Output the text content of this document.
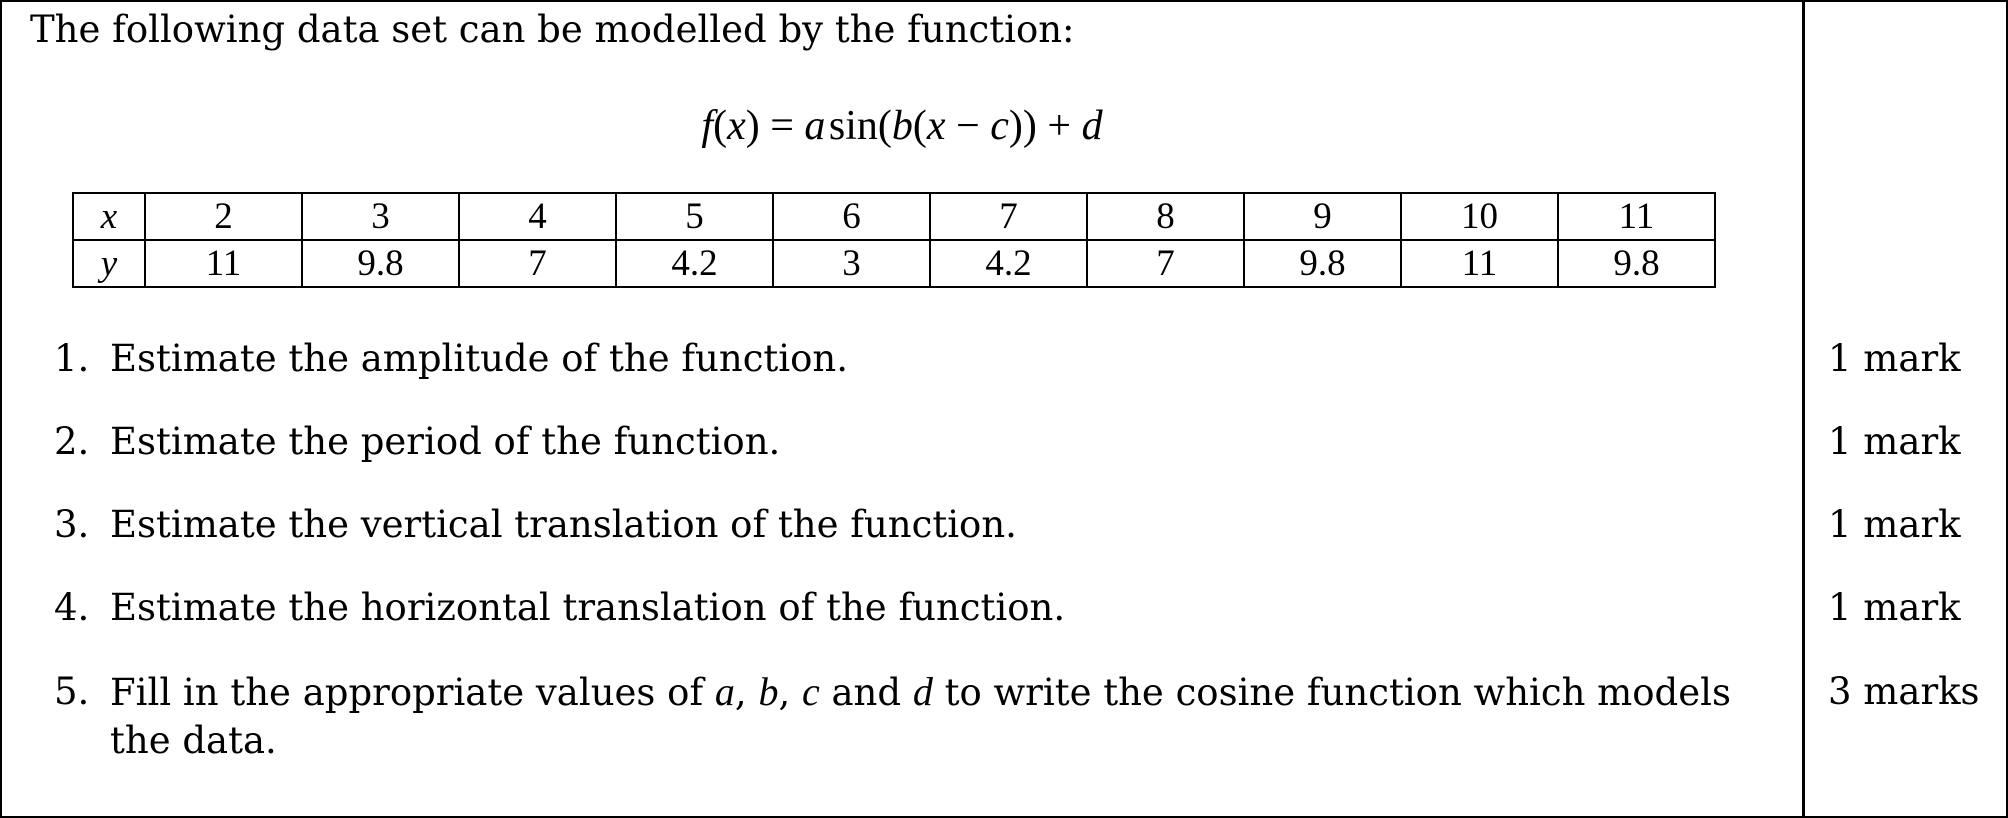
The following data set can be modelled by the function:
f(x) = a sin(b(x − c)) + d
x	2	3	4	5	6	7	8	9	10	11
y	11	9.8	7	4.2	3	4.2	7	9.8	11	9.8
1. Estimate the amplitude of the function.	1 mark
2. Estimate the period of the function.	1 mark
3. Estimate the vertical translation of the function.	1 mark
4. Estimate the horizontal translation of the function.	1 mark
5. Fill in the appropriate values of a, b, c and d to write the cosine function which models the data.
3 marks
